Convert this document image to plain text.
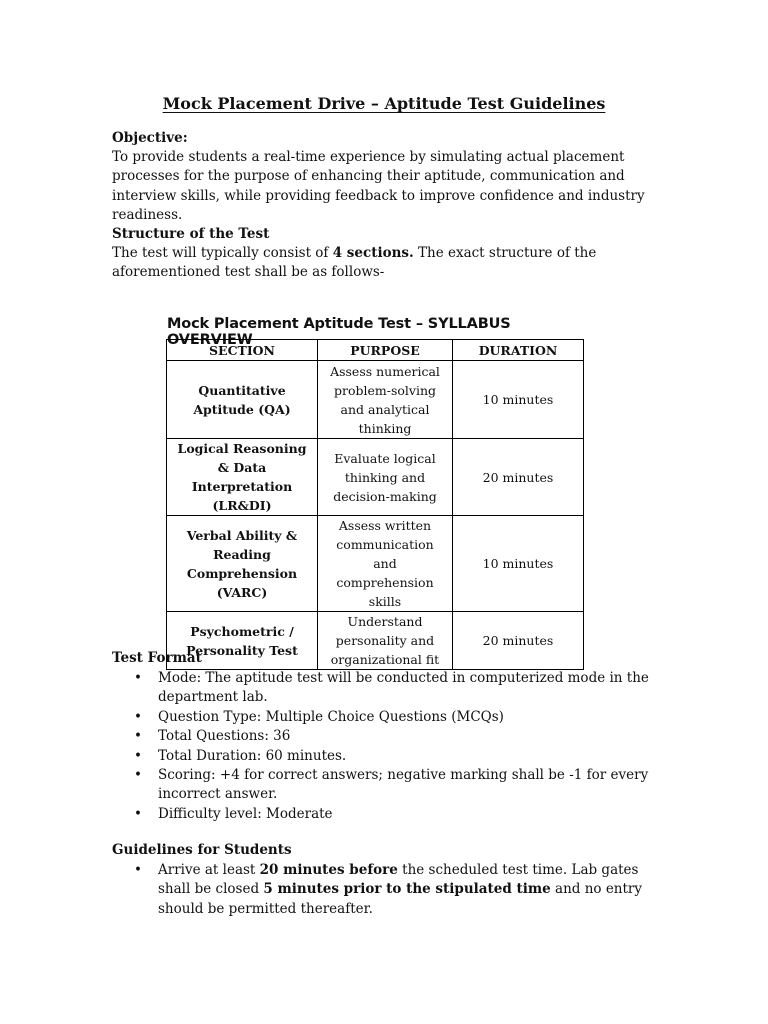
Mock Placement Drive – Aptitude Test Guidelines
Objective:
To provide students a real-time experience by simulating actual placement processes for the purpose of enhancing their aptitude, communication and interview skills, while providing feedback to improve confidence and industry readiness.
Structure of the Test
The test will typically consist of 4 sections. The exact structure of the aforementioned test shall be as follows-
Mock Placement Aptitude Test – SYLLABUS OVERVIEW
SECTION	PURPOSE	DURATION
Quantitative Aptitude (QA)	Assess numerical problem-solving and analytical thinking	10 minutes
Logical Reasoning & Data Interpretation (LR&DI)	Evaluate logical thinking and decision-making	20 minutes
Verbal Ability & Reading Comprehension (VARC)	Assess written communication and comprehension skills	10 minutes
Psychometric / Personality Test	Understand personality and organizational fit	20 minutes
Test Format
• Mode: The aptitude test will be conducted in computerized mode in the department lab.
• Question Type: Multiple Choice Questions (MCQs)
• Total Questions: 36
• Total Duration: 60 minutes.
• Scoring: +4 for correct answers; negative marking shall be -1 for every incorrect answer.
• Difficulty level: Moderate
Guidelines for Students
• Arrive at least 20 minutes before the scheduled test time. Lab gates shall be closed 5 minutes prior to the stipulated time and no entry should be permitted thereafter.
